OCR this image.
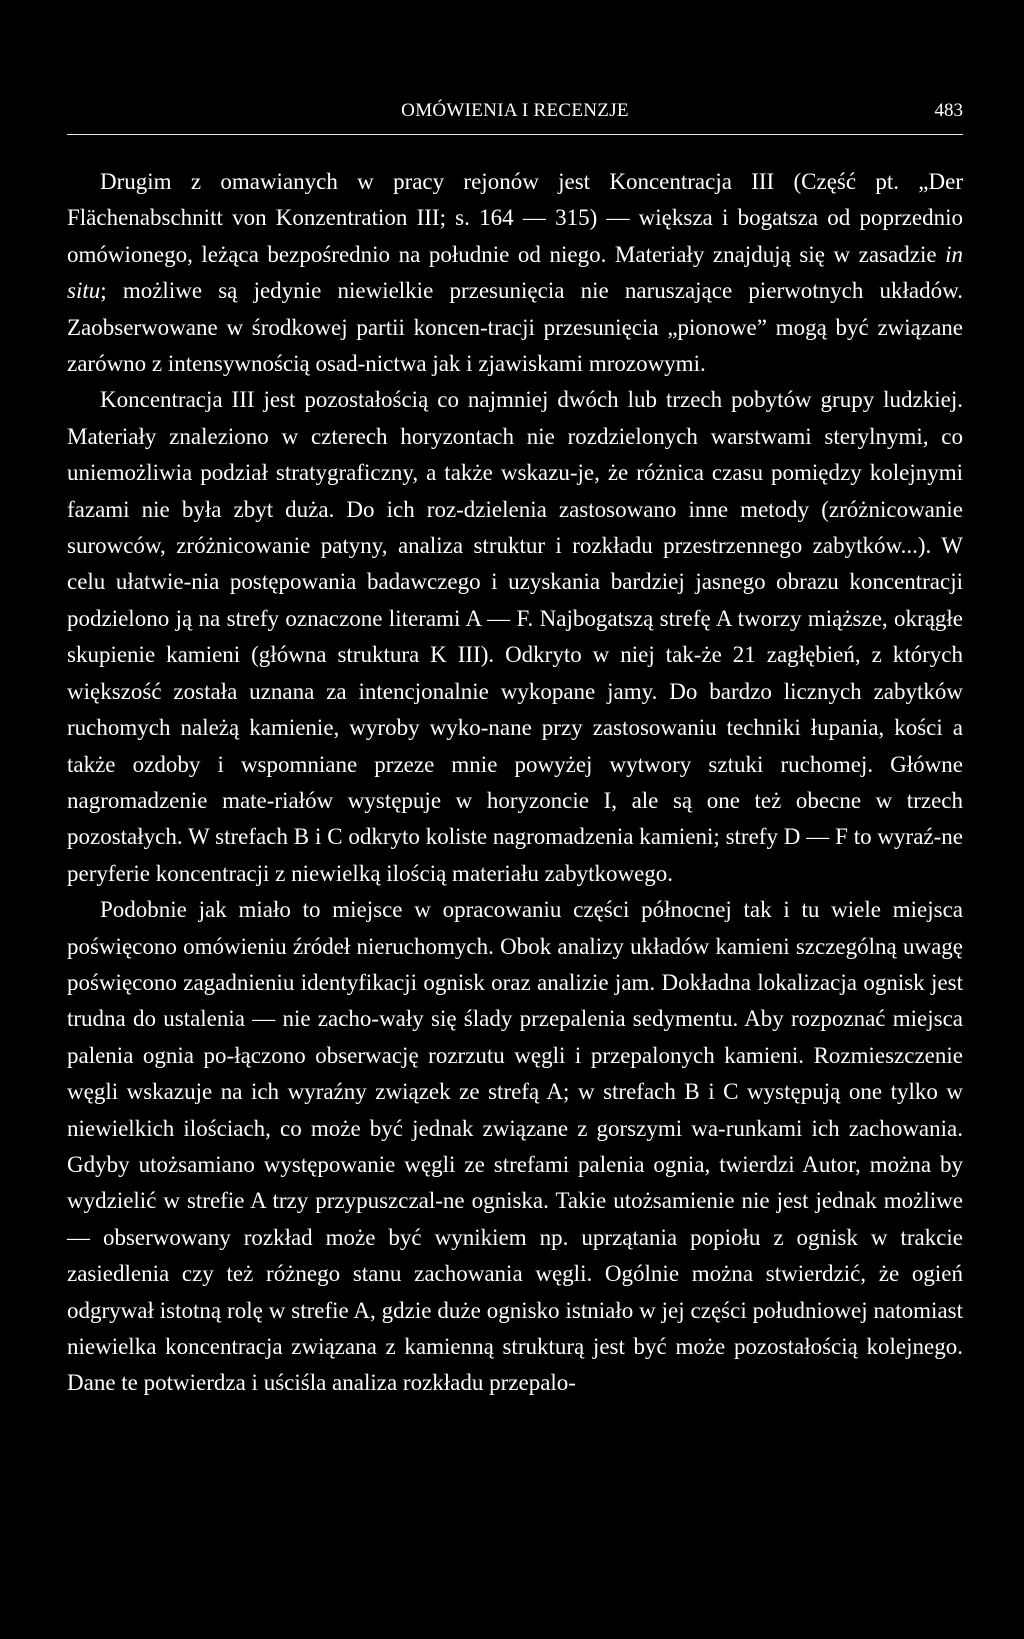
OMÓWIENIA I RECENZJE	483

Drugim z omawianych w pracy rejonów jest Koncentracja III (Część pt. „Der Flächenabschnitt von Konzentration III; s. 164 — 315) — większa i bogatsza od poprzednio omówionego, leżąca bezpośrednio na południe od niego. Materiały znajdują się w zasadzie in situ; możliwe są jedynie niewielkie przesunięcia nie naruszające pierwotnych układów. Zaobserwowane w środkowej partii koncen-tracji przesunięcia „pionowe” mogą być związane zarówno z intensywnością osad-nictwa jak i zjawiskami mrozowymi.

Koncentracja III jest pozostałością co najmniej dwóch lub trzech pobytów grupy ludzkiej. Materiały znaleziono w czterech horyzontach nie rozdzielonych warstwami sterylnymi, co uniemożliwia podział stratygraficzny, a także wskazu-je, że różnica czasu pomiędzy kolejnymi fazami nie była zbyt duża. Do ich roz-dzielenia zastosowano inne metody (zróżnicowanie surowców, zróżnicowanie patyny, analiza struktur i rozkładu przestrzennego zabytków...). W celu ułatwie-nia postępowania badawczego i uzyskania bardziej jasnego obrazu koncentracji podzielono ją na strefy oznaczone literami A — F. Najbogatszą strefę A tworzy miąższe, okrągłe skupienie kamieni (główna struktura K III). Odkryto w niej tak-że 21 zagłębień, z których większość została uznana za intencjonalnie wykopane jamy. Do bardzo licznych zabytków ruchomych należą kamienie, wyroby wyko-nane przy zastosowaniu techniki łupania, kości a także ozdoby i wspomniane przeze mnie powyżej wytwory sztuki ruchomej. Główne nagromadzenie mate-riałów występuje w horyzoncie I, ale są one też obecne w trzech pozostałych. W strefach B i C odkryto koliste nagromadzenia kamieni; strefy D — F to wyraź-ne peryferie koncentracji z niewielką ilością materiału zabytkowego.

Podobnie jak miało to miejsce w opracowaniu części północnej tak i tu wiele miejsca poświęcono omówieniu źródeł nieruchomych. Obok analizy układów kamieni szczególną uwagę poświęcono zagadnieniu identyfikacji ognisk oraz analizie jam. Dokładna lokalizacja ognisk jest trudna do ustalenia — nie zacho-wały się ślady przepalenia sedymentu. Aby rozpoznać miejsca palenia ognia po-łączono obserwację rozrzutu węgli i przepalonych kamieni. Rozmieszczenie węgli wskazuje na ich wyraźny związek ze strefą A; w strefach B i C występują one tylko w niewielkich ilościach, co może być jednak związane z gorszymi wa-runkami ich zachowania. Gdyby utożsamiano występowanie węgli ze strefami palenia ognia, twierdzi Autor, można by wydzielić w strefie A trzy przypuszczal-ne ogniska. Takie utożsamienie nie jest jednak możliwe — obserwowany rozkład może być wynikiem np. uprzątania popiołu z ognisk w trakcie zasiedlenia czy też różnego stanu zachowania węgli. Ogólnie można stwierdzić, że ogień odgrywał istotną rolę w strefie A, gdzie duże ognisko istniało w jej części południowej natomiast niewielka koncentracja związana z kamienną strukturą jest być może pozostałością kolejnego. Dane te potwierdza i uściśla analiza rozkładu przepalo-
